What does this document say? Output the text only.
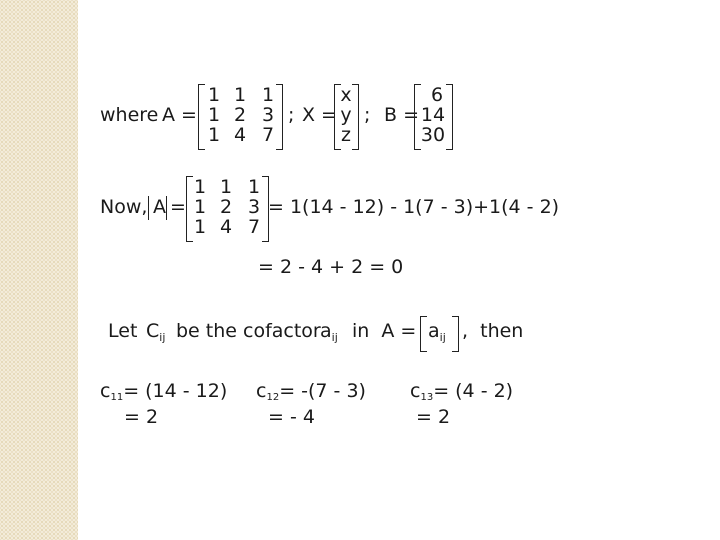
where A =
1 1 1
1 2 3
1 4 7
; X =
x
y
z
; B =
6
14
30
Now, A =
1 1 1
1 2 3
1 4 7
= 1(14 - 12) - 1(7 - 3)+1(4 - 2)
= 2 - 4 + 2 = 0
Let $C_{ij}$ be the cofactor $a_{ij}$ in  $A = a_{ij}$ ,  then
c11= (14 - 12)
= 2
c12= -(7 - 3)
= - 4
c13= (4 - 2)
= 2
